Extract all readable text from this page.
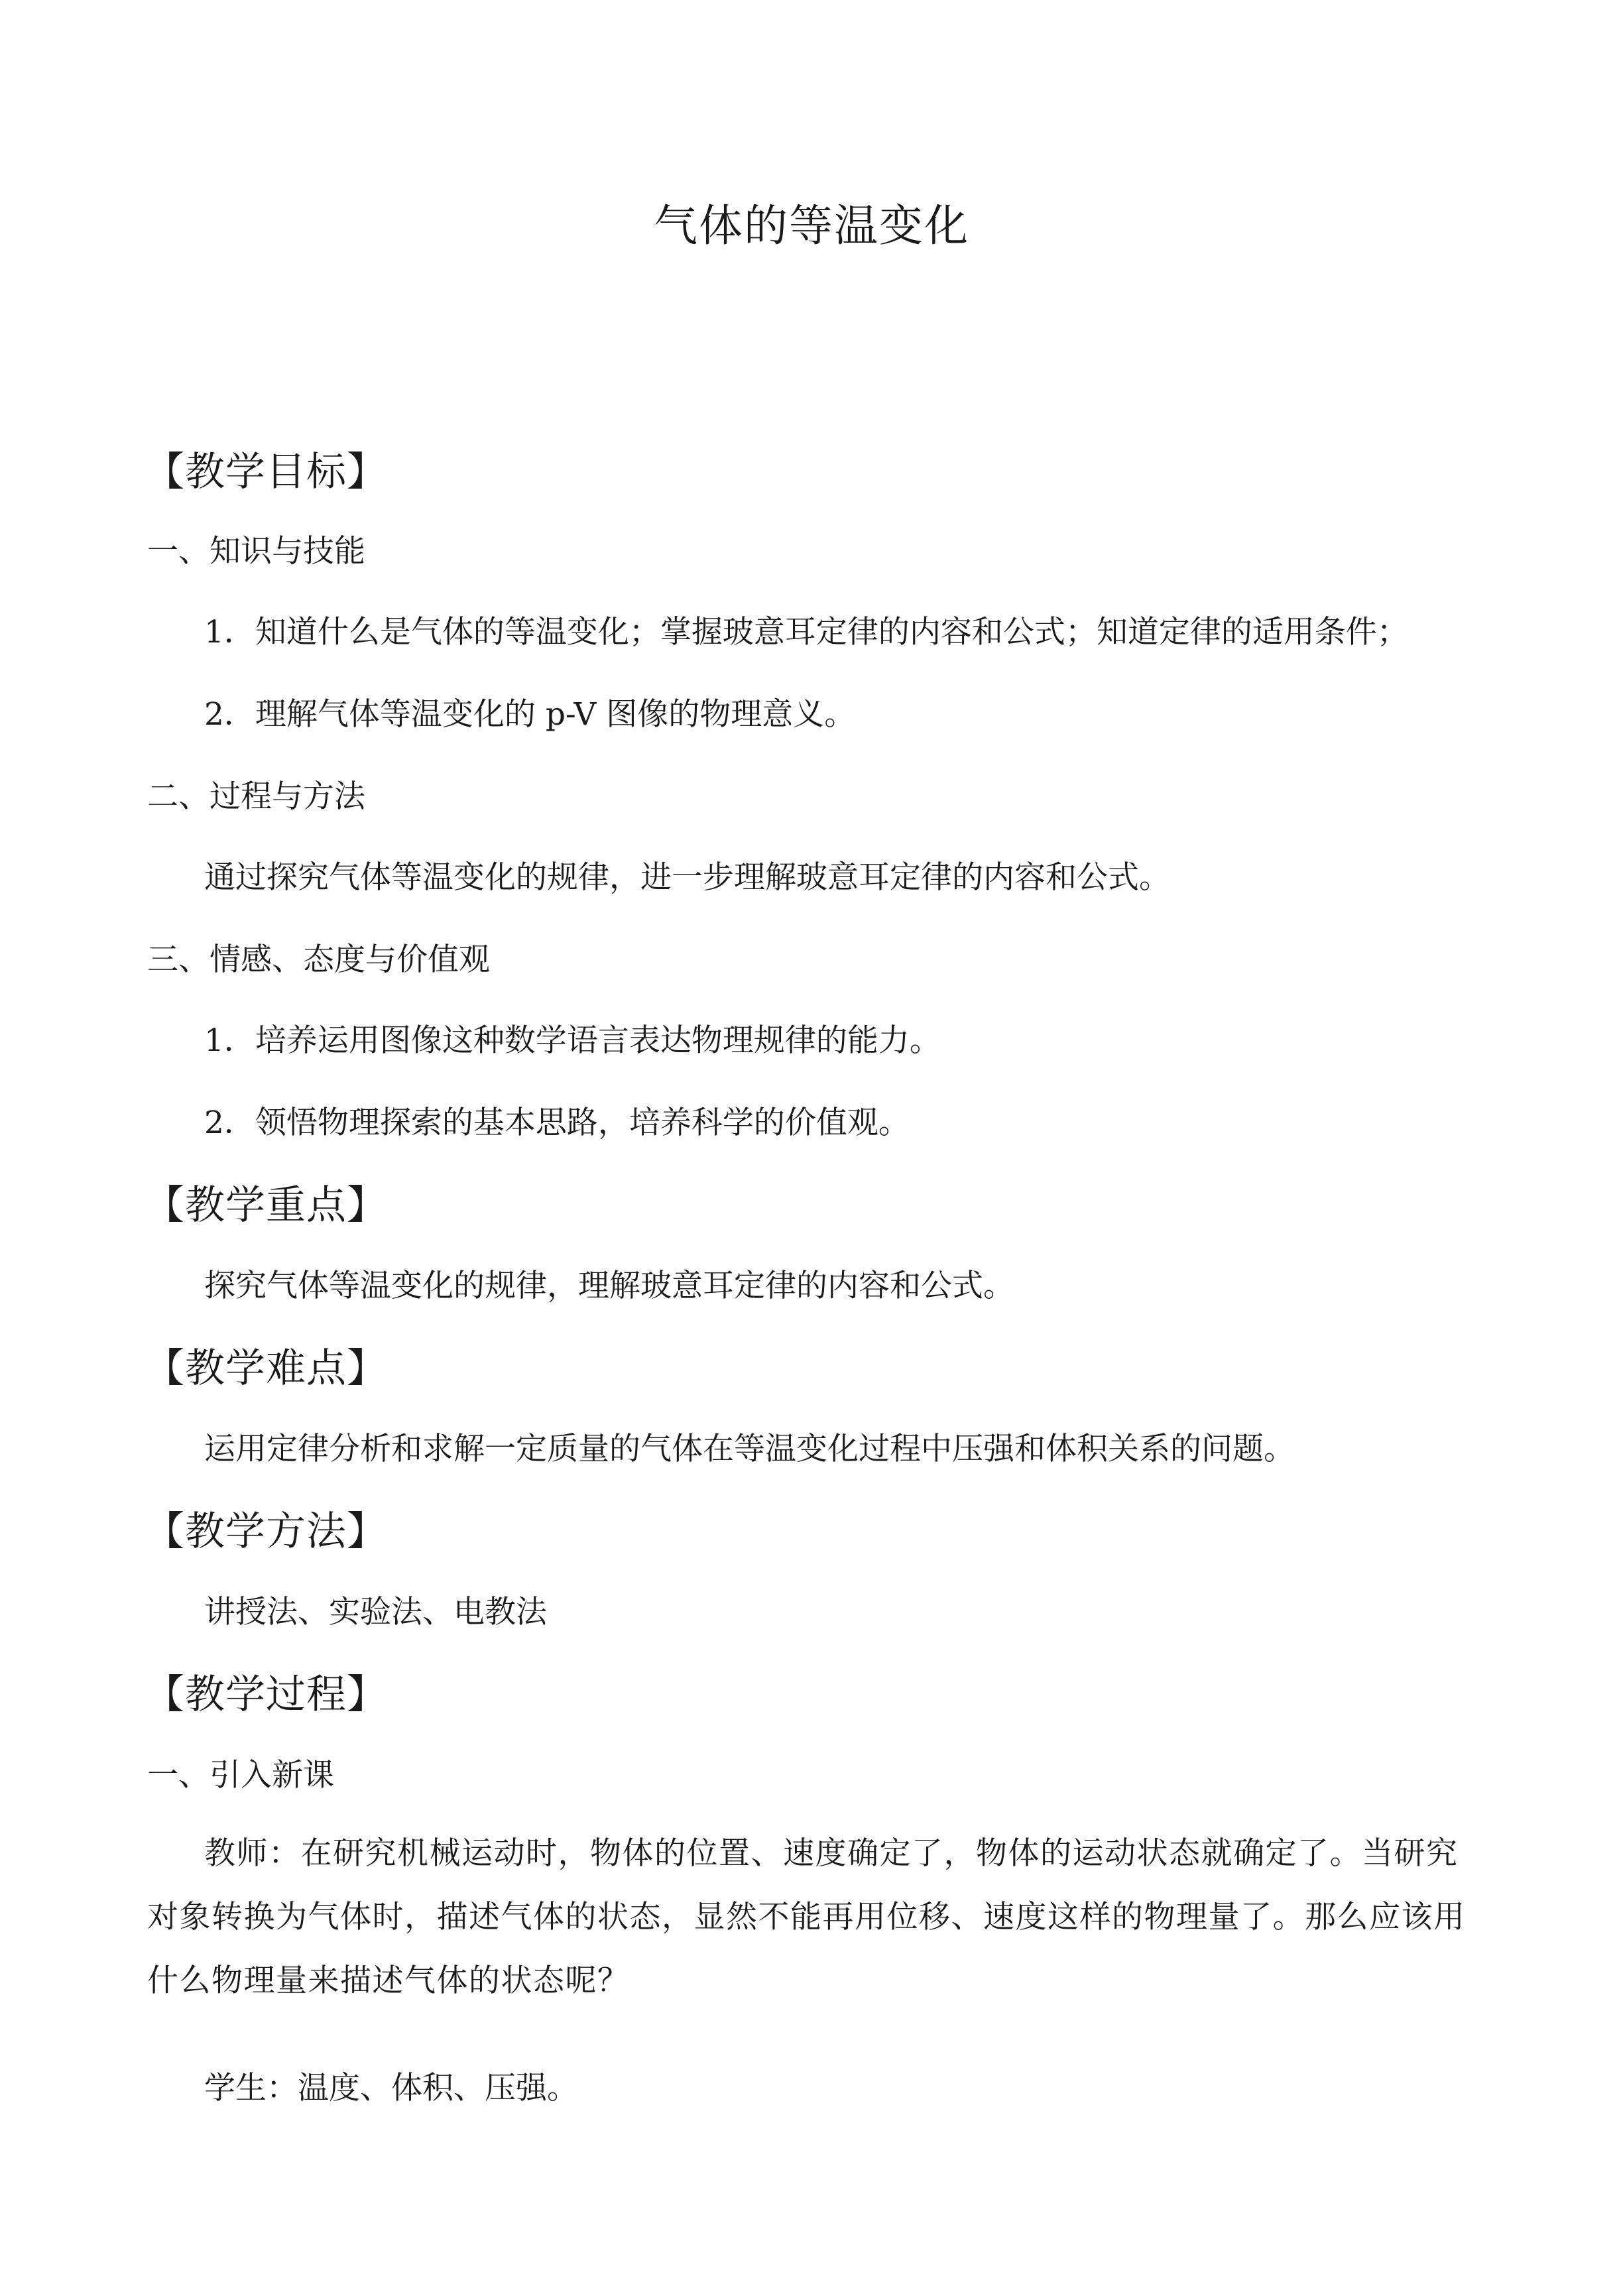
气体的等温变化
【教学目标】
一、知识与技能
1．知道什么是气体的等温变化；掌握玻意耳定律的内容和公式；知道定律的适用条件；
2．理解气体等温变化的 p-V 图像的物理意义。
二、过程与方法
通过探究气体等温变化的规律，进一步理解玻意耳定律的内容和公式。
三、情感、态度与价值观
1．培养运用图像这种数学语言表达物理规律的能力。
2．领悟物理探索的基本思路，培养科学的价值观。
【教学重点】
探究气体等温变化的规律，理解玻意耳定律的内容和公式。
【教学难点】
运用定律分析和求解一定质量的气体在等温变化过程中压强和体积关系的问题。
【教学方法】
讲授法、实验法、电教法
【教学过程】
一、引入新课
教师：在研究机械运动时，物体的位置、速度确定了，物体的运动状态就确定了。当研究对象转换为气体时，描述气体的状态，显然不能再用位移、速度这样的物理量了。那么应该用什么物理量来描述气体的状态呢？
学生：温度、体积、压强。
